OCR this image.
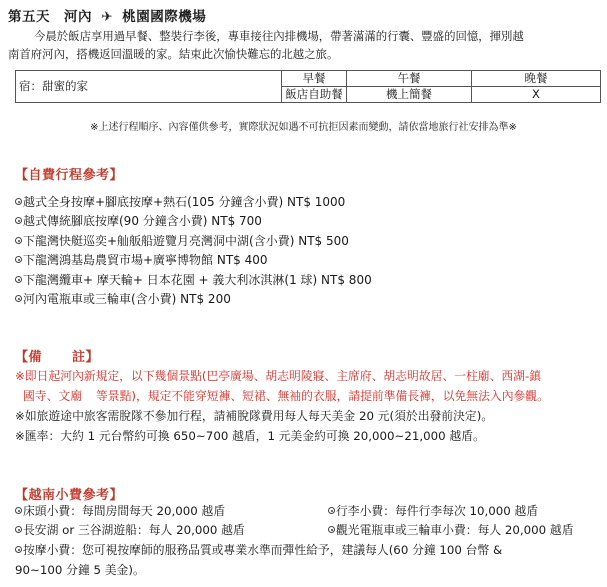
第五天 河內 ✈ 桃園國際機場
今晨於飯店享用過早餐、整裝行李後，專車接往內排機場，帶著滿滿的行囊、豐盛的回憶，揮別越
南首府河內，搭機返回溫暖的家。結束此次愉快難忘的北越之旅。
宿：甜蜜的家	早餐	午餐	晚餐
	飯店自助餐	機上簡餐	X
※上述行程順序、內容僅供參考，實際狀況如遇不可抗拒因素而變動，請依當地旅行社安排為準※
【自費行程參考】
越式全身按摩+腳底按摩+熱石(105 分鐘含小費) NT$ 1000
越式傳統腳底按摩(90 分鐘含小費) NT$ 700
下龍灣快艇巡奕+舢舨船遊覽月亮灣洞中湖(含小費) NT$ 500
下龍灣鴻基島農貿市場+廣寧博物館 NT$ 400
下龍灣纜車+ 摩天輪+ 日本花園 + 義大利冰淇淋(1 球) NT$ 800
河內電瓶車或三輪車(含小費) NT$ 200
【備 註】
※即日起河內新規定，以下幾個景點(巴亭廣場、胡志明陵寢、主席府、胡志明故居、一柱廟、西湖-鎮
國寺、文廟 等景點)，規定不能穿短褲、短裙、無袖的衣服，請提前準備長褲，以免無法入內參觀。
※如旅遊途中旅客需脫隊不參加行程，請補脫隊費用每人每天美金 20 元(須於出發前決定)。
※匯率：大約 1 元台幣約可換 650~700 越盾，1 元美金約可換 20,000~21,000 越盾。
【越南小費參考】
床頭小費：每間房間每天 20,000 越盾	行李小費：每件行李每次 10,000 越盾
長安湖 or 三谷湖遊船：每人 20,000 越盾	觀光電瓶車或三輪車小費：每人 20,000 越盾
按摩小費：您可視按摩師的服務品質或專業水準而彈性給予，建議每人(60 分鐘 100 台幣 &
90~100 分鐘 5 美金)。
